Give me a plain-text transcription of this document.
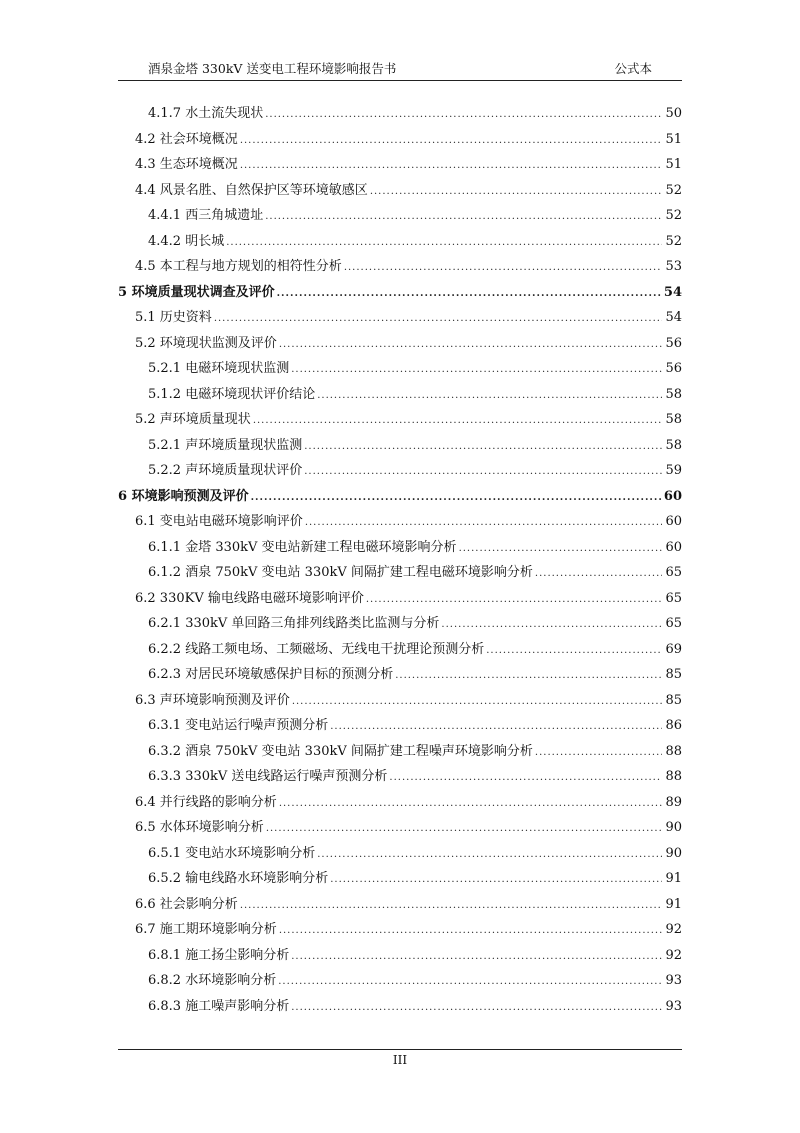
酒泉金塔 330kV 送变电工程环境影响报告书	公式本
4.1.7 水土流失现状 .....	50
4.2 社会环境概况 .....	51
4.3 生态环境概况 .....	51
4.4 风景名胜、自然保护区等环境敏感区 .....	52
4.4.1 西三角城遗址 .....	52
4.4.2 明长城 .....	52
4.5 本工程与地方规划的相符性分析 .....	53
5 环境质量现状调查及评价 .....	54
5.1 历史资料 .....	54
5.2 环境现状监测及评价 .....	56
5.2.1 电磁环境现状监测 .....	56
5.1.2 电磁环境现状评价结论 .....	58
5.2 声环境质量现状 .....	58
5.2.1 声环境质量现状监测 .....	58
5.2.2 声环境质量现状评价 .....	59
6 环境影响预测及评价 .....	60
6.1 变电站电磁环境影响评价 .....	60
6.1.1 金塔 330kV 变电站新建工程电磁环境影响分析 .....	60
6.1.2 酒泉 750kV 变电站 330kV 间隔扩建工程电磁环境影响分析 .....	65
6.2 330KV 输电线路电磁环境影响评价 .....	65
6.2.1 330kV 单回路三角排列线路类比监测与分析 .....	65
6.2.2 线路工频电场、工频磁场、无线电干扰理论预测分析 .....	69
6.2.3 对居民环境敏感保护目标的预测分析 .....	85
6.3 声环境影响预测及评价 .....	85
6.3.1 变电站运行噪声预测分析 .....	86
6.3.2 酒泉 750kV 变电站 330kV 间隔扩建工程噪声环境影响分析 .....	88
6.3.3 330kV 送电线路运行噪声预测分析 .....	88
6.4 并行线路的影响分析 .....	89
6.5 水体环境影响分析 .....	90
6.5.1 变电站水环境影响分析 .....	90
6.5.2 输电线路水环境影响分析 .....	91
6.6 社会影响分析 .....	91
6.7 施工期环境影响分析 .....	92
6.8.1 施工扬尘影响分析 .....	92
6.8.2 水环境影响分析 .....	93
6.8.3 施工噪声影响分析 .....	93
III
